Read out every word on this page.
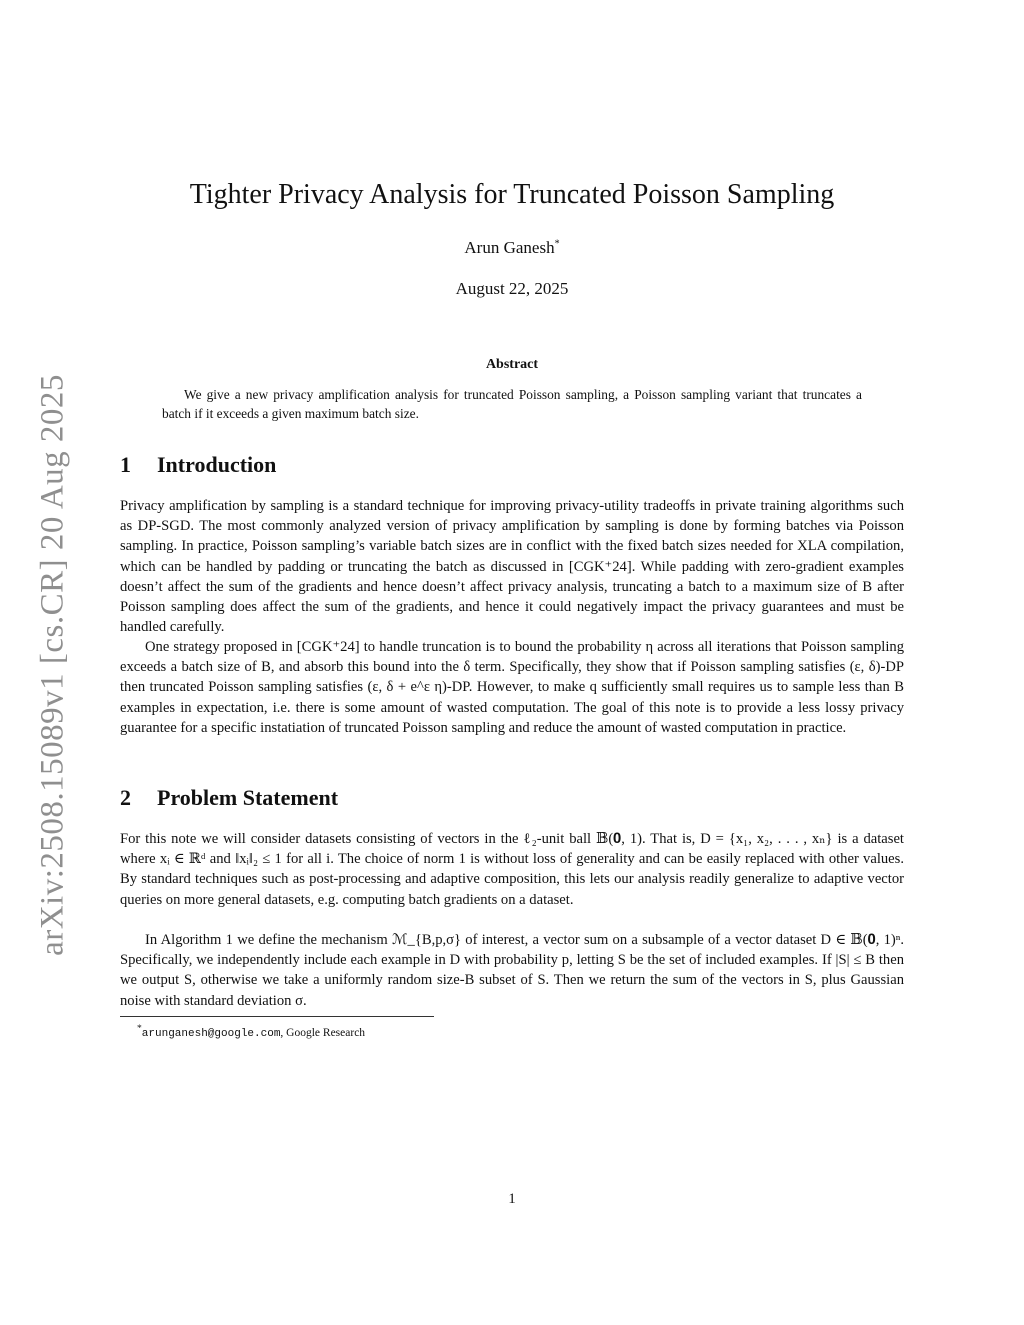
arXiv:2508.15089v1 [cs.CR] 20 Aug 2025
Tighter Privacy Analysis for Truncated Poisson Sampling
Arun Ganesh*
August 22, 2025
Abstract

We give a new privacy amplification analysis for truncated Poisson sampling, a Poisson sampling variant that truncates a batch if it exceeds a given maximum batch size.

1 Introduction

Privacy amplification by sampling is a standard technique for improving privacy-utility tradeoffs in private training algorithms such as DP-SGD. The most commonly analyzed version of privacy amplification by sampling is done by forming batches via Poisson sampling. In practice, Poisson sampling’s variable batch sizes are in conflict with the fixed batch sizes needed for XLA compilation, which can be handled by padding or truncating the batch as discussed in [CGK⁺24]. While padding with zero-gradient examples doesn’t affect the sum of the gradients and hence doesn’t affect privacy analysis, truncating a batch to a maximum size of B after Poisson sampling does affect the sum of the gradients, and hence it could negatively impact the privacy guarantees and must be handled carefully.

One strategy proposed in [CGK⁺24] to handle truncation is to bound the probability η across all iterations that Poisson sampling exceeds a batch size of B, and absorb this bound into the δ term. Specifically, they show that if Poisson sampling satisfies (ε, δ)-DP then truncated Poisson sampling satisfies (ε, δ + e^ε η)-DP. However, to make q sufficiently small requires us to sample less than B examples in expectation, i.e. there is some amount of wasted computation. The goal of this note is to provide a less lossy privacy guarantee for a specific instatiation of truncated Poisson sampling and reduce the amount of wasted computation in practice.

2 Problem Statement

For this note we will consider datasets consisting of vectors in the ℓ₂-unit ball 𝔹(𝟎, 1). That is, D = {x₁, x₂, . . . , xₙ} is a dataset where xᵢ ∈ ℝᵈ and ‖xᵢ‖₂ ≤ 1 for all i. The choice of norm 1 is without loss of generality and can be easily replaced with other values. By standard techniques such as post-processing and adaptive composition, this lets our analysis readily generalize to adaptive vector queries on more general datasets, e.g. computing batch gradients on a dataset.

In Algorithm 1 we define the mechanism ℳ_{B,p,σ} of interest, a vector sum on a subsample of a vector dataset D ∈ 𝔹(𝟎, 1)ⁿ. Specifically, we independently include each example in D with probability p, letting S be the set of included examples. If |S| ≤ B then we output S, otherwise we take a uniformly random size-B subset of S. Then we return the sum of the vectors in S, plus Gaussian noise with standard deviation σ.

*arunganesh@google.com, Google Research
1
